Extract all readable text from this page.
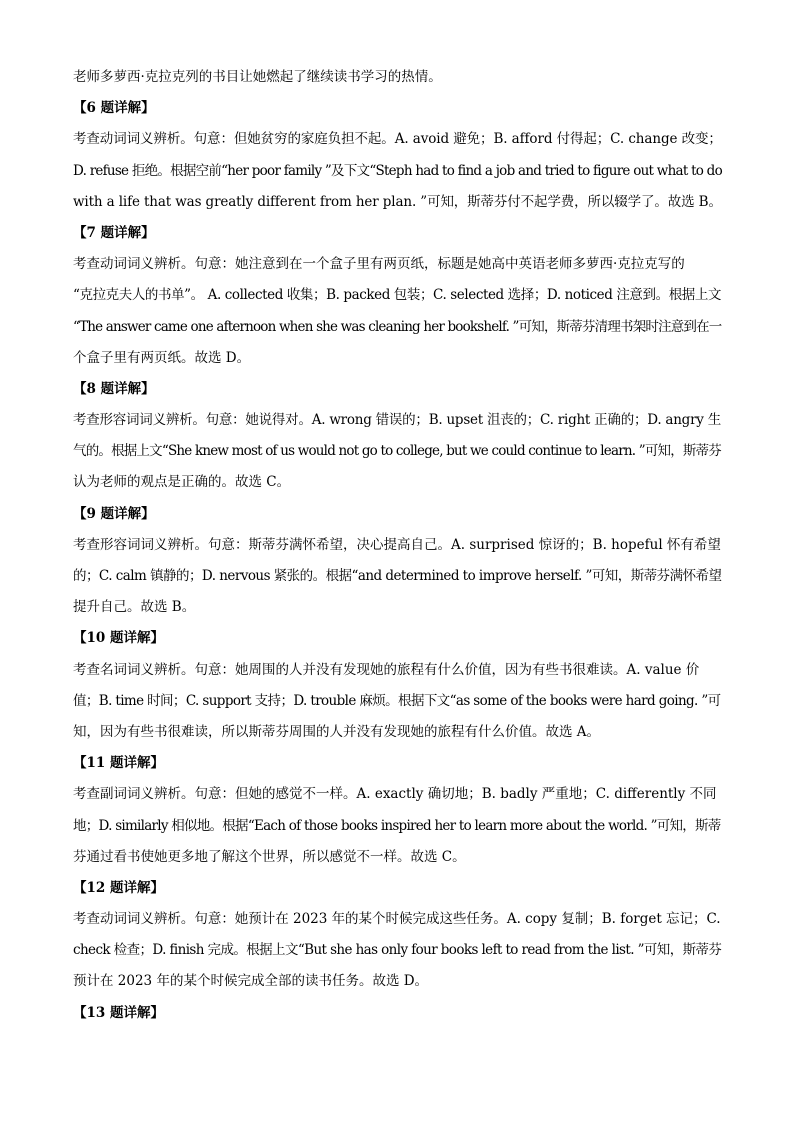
老师多萝西·克拉克列的书目让她燃起了继续读书学习的热情。
【6 题详解】
考查动词词义辨析。句意：但她贫穷的家庭负担不起。A. avoid 避免；B. afford 付得起；C. change 改变；
D. refuse 拒绝。根据空前“her poor family ”及下文“Steph had to find a job and tried to figure out what to do
with a life that was greatly different from her plan. ”可知，斯蒂芬付不起学费，所以辍学了。故选 B。
【7 题详解】
考查动词词义辨析。句意：她注意到在一个盒子里有两页纸，标题是她高中英语老师多萝西·克拉克写的
“克拉克夫人的书单”。 A. collected 收集；B. packed 包装；C. selected 选择；D. noticed 注意到。根据上文
“The answer came one afternoon when she was cleaning her bookshelf. ”可知，斯蒂芬清理书架时注意到在一
个盒子里有两页纸。故选 D。
【8 题详解】
考查形容词词义辨析。句意：她说得对。A. wrong 错误的；B. upset 沮丧的；C. right 正确的；D. angry 生
气的。根据上文“She knew most of us would not go to college, but we could continue to learn. ”可知，斯蒂芬
认为老师的观点是正确的。故选 C。
【9 题详解】
考查形容词词义辨析。句意：斯蒂芬满怀希望，决心提高自己。A. surprised 惊讶的；B. hopeful 怀有希望
的；C. calm 镇静的；D. nervous 紧张的。根据“and determined to improve herself. ”可知，斯蒂芬满怀希望
提升自己。故选 B。
【10 题详解】
考查名词词义辨析。句意：她周围的人并没有发现她的旅程有什么价值，因为有些书很难读。A. value 价
值；B. time 时间；C. support 支持；D. trouble 麻烦。根据下文“as some of the books were hard going. ”可
知，因为有些书很难读，所以斯蒂芬周围的人并没有发现她的旅程有什么价值。故选 A。
【11 题详解】
考查副词词义辨析。句意：但她的感觉不一样。A. exactly 确切地；B. badly 严重地；C. differently 不同
地；D. similarly 相似地。根据“Each of those books inspired her to learn more about the world. ”可知，斯蒂
芬通过看书使她更多地了解这个世界，所以感觉不一样。故选 C。
【12 题详解】
考查动词词义辨析。句意：她预计在 2023 年的某个时候完成这些任务。A. copy 复制；B. forget 忘记；C.
check 检查；D. finish 完成。根据上文“But she has only four books left to read from the list. ”可知，斯蒂芬
预计在 2023 年的某个时候完成全部的读书任务。故选 D。
【13 题详解】
